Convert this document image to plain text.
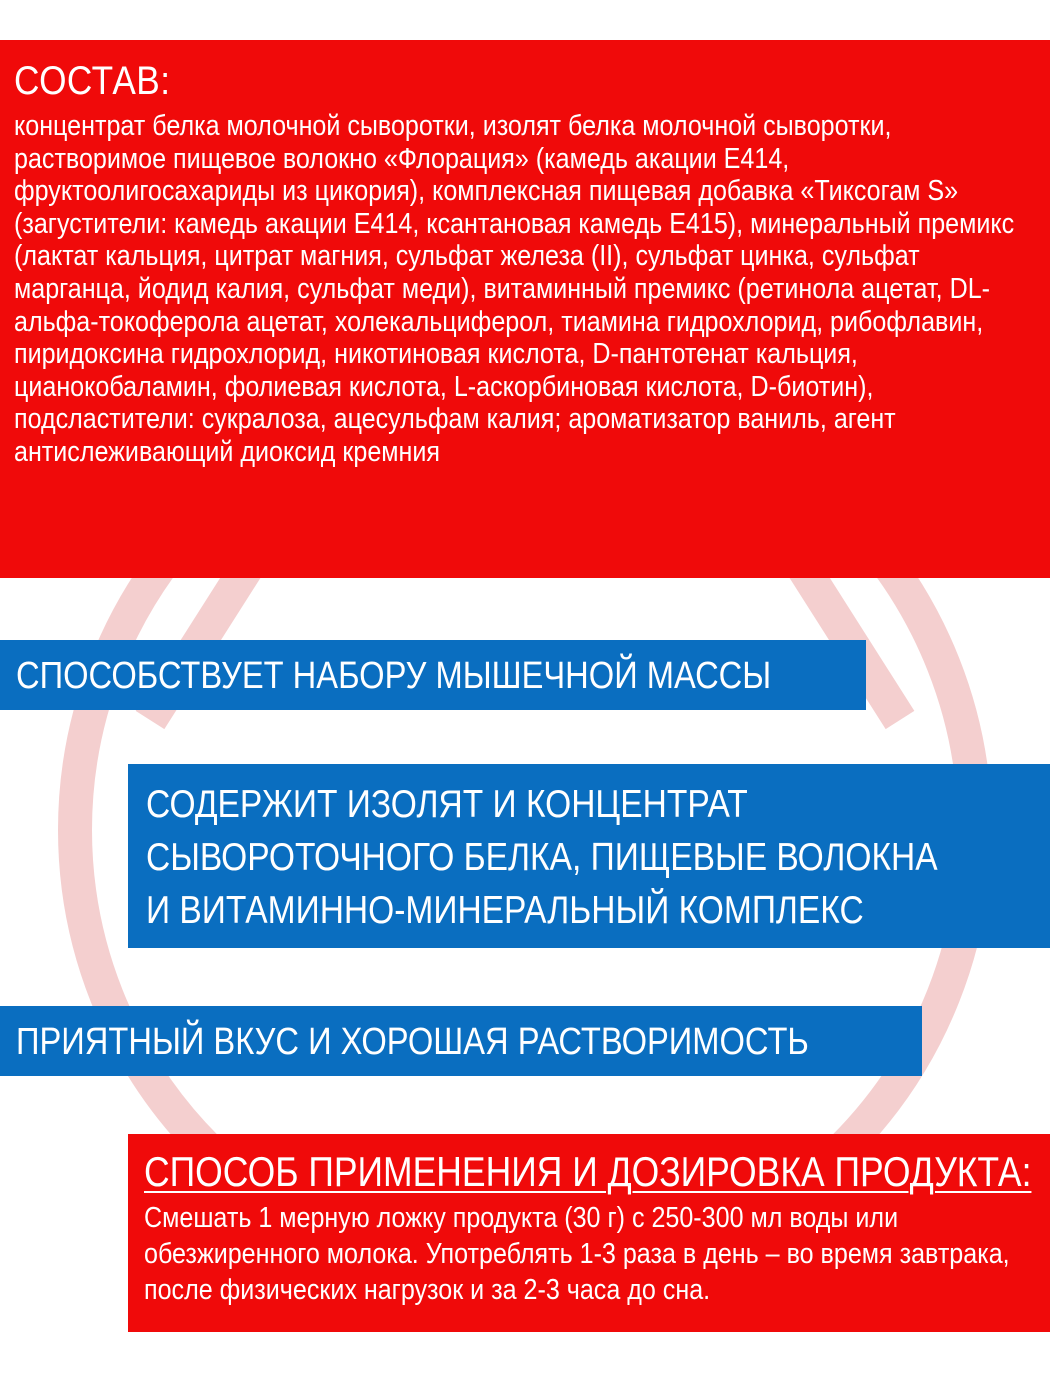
СОСТАВ:
концентрат белка молочной сыворотки, изолят белка молочной сыворотки, растворимое пищевое волокно «Флорация» (камедь акации Е414, фруктоолигосахариды из цикория), комплексная пищевая добавка «Тиксогам S» (загустители: камедь акации Е414, ксантановая камедь Е415), минеральный премикс (лактат кальция, цитрат магния, сульфат железа (II), сульфат цинка, сульфат марганца, йодид калия, сульфат меди), витаминный премикс (ретинола ацетат, DL-альфа-токоферола ацетат, холекальциферол, тиамина гидрохлорид, рибофлавин, пиридоксина гидрохлорид, никотиновая кислота, D-пантотенат кальция, цианокобаламин, фолиевая кислота, L-аскорбиновая кислота, D-биотин), подсластители: сукралоза, ацесульфам калия; ароматизатор ваниль, агент антислеживающий диоксид кремния
СПОСОБСТВУЕТ НАБОРУ МЫШЕЧНОЙ МАССЫ
СОДЕРЖИТ ИЗОЛЯТ И КОНЦЕНТРАТ
СЫВОРОТОЧНОГО БЕЛКА, ПИЩЕВЫЕ ВОЛОКНА
И ВИТАМИННО-МИНЕРАЛЬНЫЙ КОМПЛЕКС
ПРИЯТНЫЙ ВКУС И ХОРОШАЯ РАСТВОРИМОСТЬ
СПОСОБ ПРИМЕНЕНИЯ И ДОЗИРОВКА ПРОДУКТА:
Смешать 1 мерную ложку продукта (30 г) с 250-300 мл воды или обезжиренного молока. Употреблять 1-3 раза в день – во время завтрака, после физических нагрузок и за 2-3 часа до сна.
